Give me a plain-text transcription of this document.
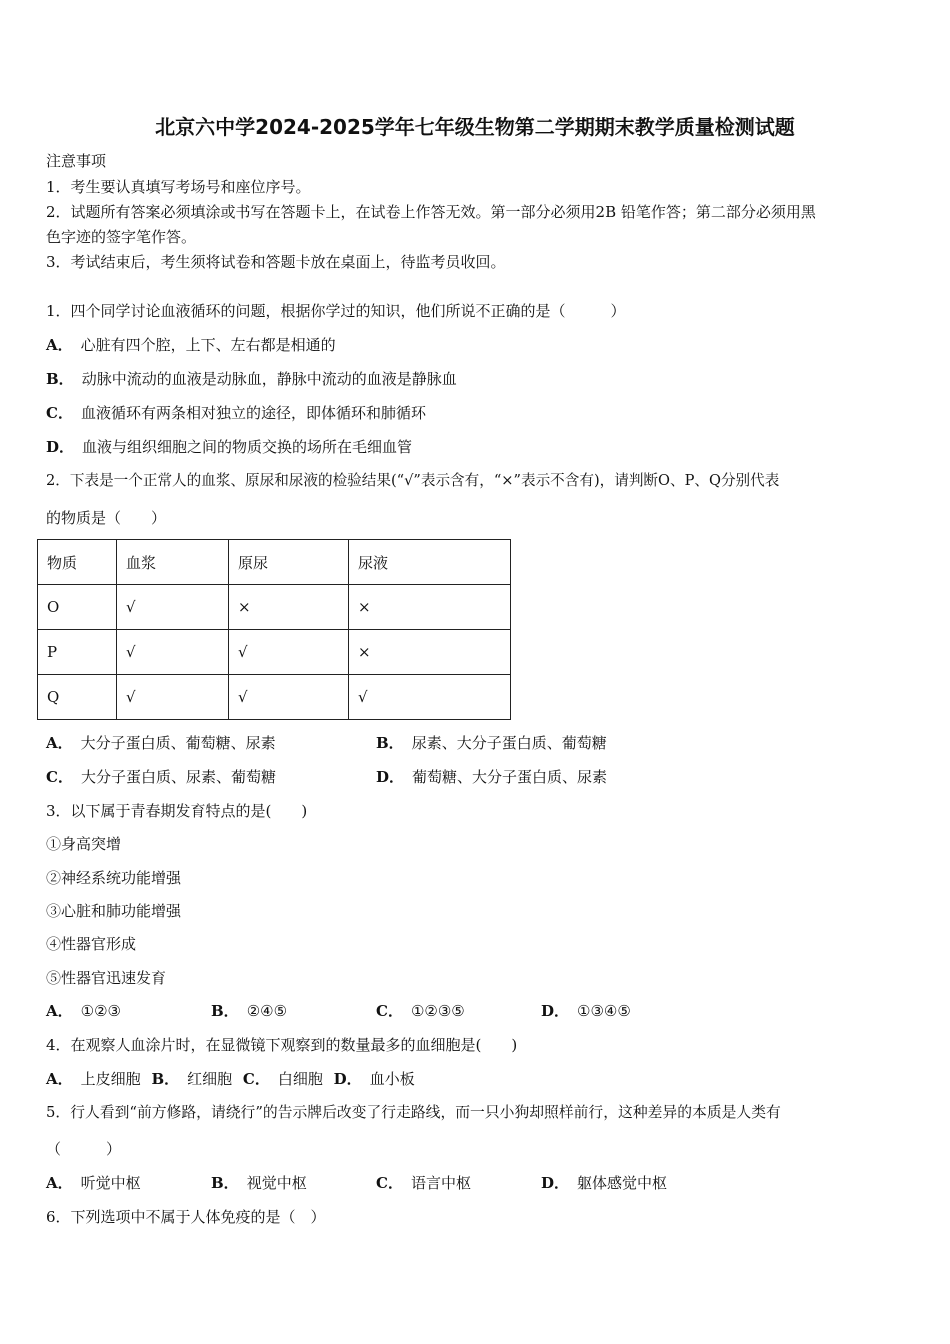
北京六中学2024-2025学年七年级生物第二学期期末教学质量检测试题
注意事项
1．考生要认真填写考场号和座位序号。
2．试题所有答案必须填涂或书写在答题卡上，在试卷上作答无效。第一部分必须用2B 铅笔作答；第二部分必须用黑
色字迹的签字笔作答。
3．考试结束后，考生须将试卷和答题卡放在桌面上，待监考员收回。
1．四个同学讨论血液循环的问题，根据你学过的知识，他们所说不正确的是（　　　）
A． 心脏有四个腔，上下、左右都是相通的
B． 动脉中流动的血液是动脉血，静脉中流动的血液是静脉血
C． 血液循环有两条相对独立的途径，即体循环和肺循环
D． 血液与组织细胞之间的物质交换的场所在毛细血管
2．下表是一个正常人的血浆、原尿和尿液的检验结果(“√”表示含有，“×”表示不含有)，请判断O、P、Q分别代表
的物质是（　　）
物质	血浆	原尿	尿液
O	√	×	×
P	√	√	×
Q	√	√	√
A． 大分子蛋白质、葡萄糖、尿素	B． 尿素、大分子蛋白质、葡萄糖
C． 大分子蛋白质、尿素、葡萄糖	D． 葡萄糖、大分子蛋白质、尿素
3．以下属于青春期发育特点的是(　　)
①身高突增
②神经系统功能增强
③心脏和肺功能增强
④性器官形成
⑤性器官迅速发育
A． ①②③	B． ②④⑤	C． ①②③⑤	D． ①③④⑤
4．在观察人血涂片时，在显微镜下观察到的数量最多的血细胞是(　　)
A． 上皮细胞 B． 红细胞 C． 白细胞 D． 血小板
5．行人看到“前方修路，请绕行”的告示牌后改变了行走路线，而一只小狗却照样前行，这种差异的本质是人类有
（　　　）
A． 听觉中枢	B． 视觉中枢	C． 语言中枢	D． 躯体感觉中枢
6．下列选项中不属于人体免疫的是（　）
